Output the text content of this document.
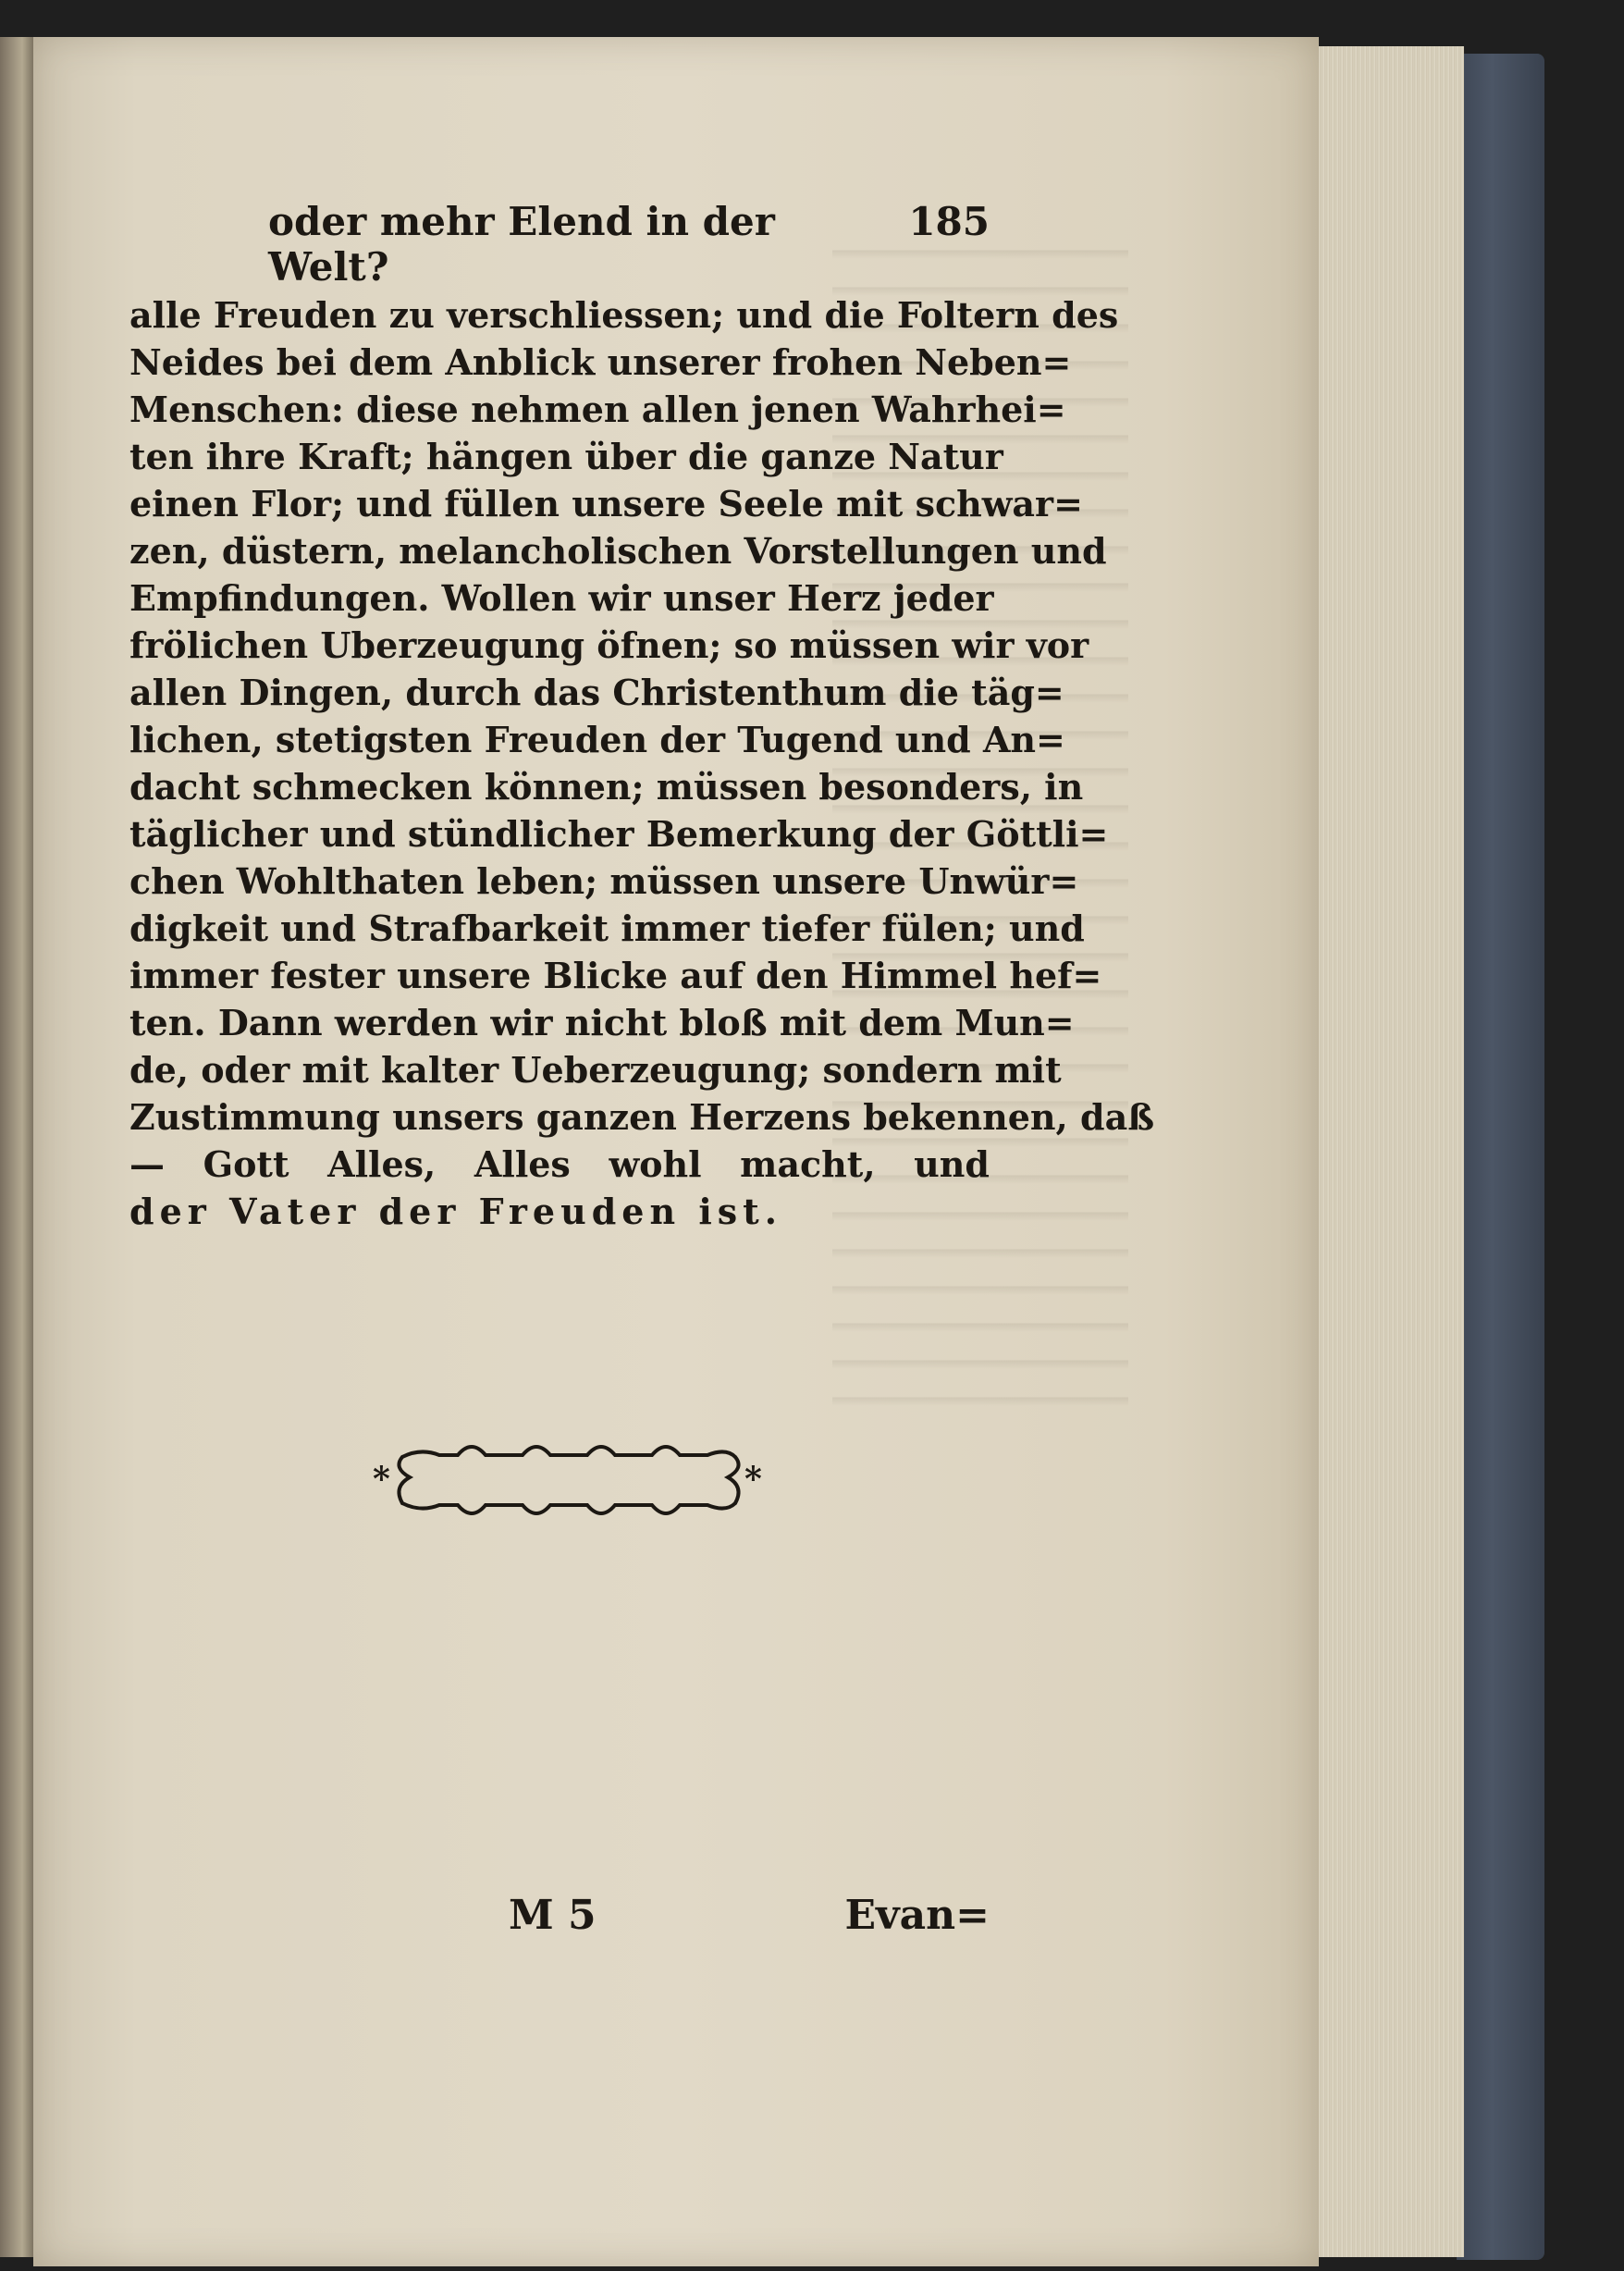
oder mehr Elend in der Welt?
185
alle Freuden zu verschliessen; und die Foltern des
Neides bei dem Anblick unserer frohen Neben=
Menschen: diese nehmen allen jenen Wahrhei=
ten ihre Kraft; hängen über die ganze Natur
einen Flor; und füllen unsere Seele mit schwar=
zen, düstern, melancholischen Vorstellungen und
Empfindungen. Wollen wir unser Herz jeder
frölichen Uberzeugung öfnen; so müssen wir vor
allen Dingen, durch das Christenthum die täg=
lichen, stetigsten Freuden der Tugend und An=
dacht schmecken können; müssen besonders, in
täglicher und stündlicher Bemerkung der Göttli=
chen Wohlthaten leben; müssen unsere Unwür=
digkeit und Strafbarkeit immer tiefer fülen; und
immer fester unsere Blicke auf den Himmel hef=
ten. Dann werden wir nicht bloß mit dem Mun=
de, oder mit kalter Ueberzeugung; sondern mit
Zustimmung unsers ganzen Herzens bekennen, daß
— Gott Alles, Alles wohl macht, und
der Vater der Freuden ist.
*	*
M 5	Evan=
